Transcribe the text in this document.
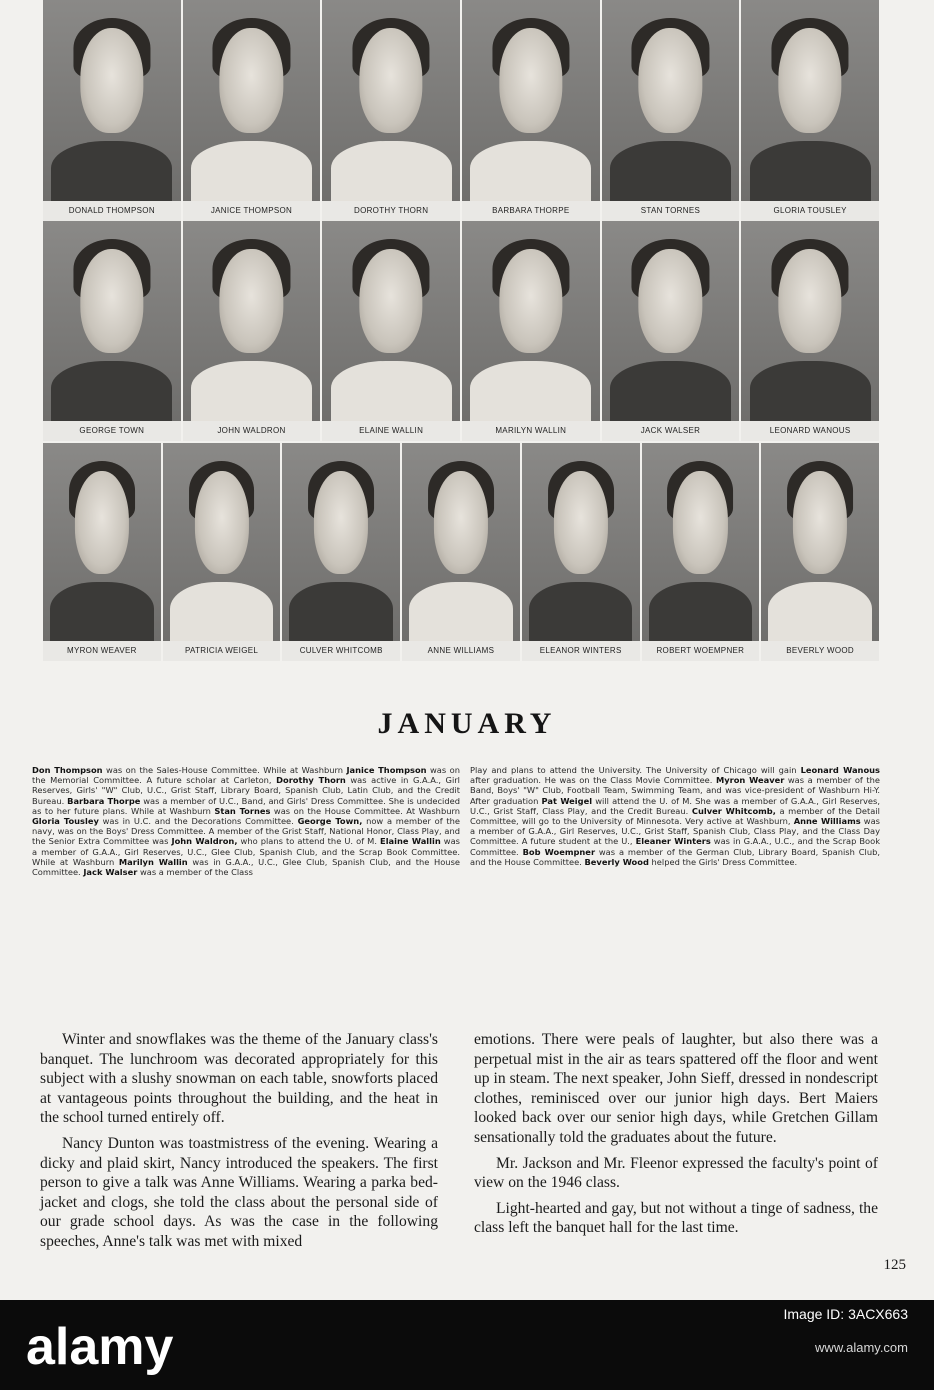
DONALD THOMPSON	JANICE THOMPSON	DOROTHY THORN	BARBARA THORPE	STAN TORNES	GLORIA TOUSLEY
GEORGE TOWN	JOHN WALDRON	ELAINE WALLIN	MARILYN WALLIN	JACK WALSER	LEONARD WANOUS
MYRON WEAVER	PATRICIA WEIGEL	CULVER WHITCOMB	ANNE WILLIAMS	ELEANOR WINTERS	ROBERT WOEMPNER	BEVERLY WOOD
JANUARY
Don Thompson was on the Sales-House Committee. While at Washburn Janice Thompson was on the Memorial Committee. A future scholar at Carleton, Dorothy Thorn was active in G.A.A., Girl Reserves, Girls' "W" Club, U.C., Grist Staff, Library Board, Spanish Club, Latin Club, and the Credit Bureau. Barbara Thorpe was a member of U.C., Band, and Girls' Dress Committee. She is undecided as to her future plans. While at Washburn Stan Tornes was on the House Committee. At Washburn Gloria Tousley was in U.C. and the Decorations Committee. George Town, now a member of the navy, was on the Boys' Dress Committee. A member of the Grist Staff, National Honor, Class Play, and the Senior Extra Committee was John Waldron, who plans to attend the U. of M. Elaine Wallin was a member of G.A.A., Girl Reserves, U.C., Glee Club, Spanish Club, and the Scrap Book Committee. While at Washburn Marilyn Wallin was in G.A.A., U.C., Glee Club, Spanish Club, and the House Committee. Jack Walser was a member of the Class
Play and plans to attend the University. The University of Chicago will gain Leonard Wanous after graduation. He was on the Class Movie Committee. Myron Weaver was a member of the Band, Boys' "W" Club, Football Team, Swimming Team, and was vice-president of Washburn Hi-Y. After graduation Pat Weigel will attend the U. of M. She was a member of G.A.A., Girl Reserves, U.C., Grist Staff, Class Play, and the Credit Bureau. Culver Whitcomb, a member of the Detail Committee, will go to the University of Minnesota. Very active at Washburn, Anne Williams was a member of G.A.A., Girl Reserves, U.C., Grist Staff, Spanish Club, Class Play, and the Class Day Committee. A future student at the U., Eleaner Winters was in G.A.A., U.C., and the Scrap Book Committee. Bob Woempner was a member of the German Club, Library Board, Spanish Club, and the House Committee. Beverly Wood helped the Girls' Dress Committee.

Winter and snowflakes was the theme of the January class's banquet. The lunchroom was decorated appropriately for this subject with a slushy snowman on each table, snowforts placed at vantageous points throughout the building, and the heat in the school turned entirely off.

Nancy Dunton was toastmistress of the evening. Wearing a dicky and plaid skirt, Nancy introduced the speakers. The first person to give a talk was Anne Williams. Wearing a parka bed-jacket and clogs, she told the class about the personal side of our grade school days. As was the case in the following speeches, Anne's talk was met with mixed

emotions. There were peals of laughter, but also there was a perpetual mist in the air as tears spattered off the floor and went up in steam. The next speaker, John Sieff, dressed in nondescript clothes, reminisced over our junior high days. Bert Maiers looked back over our senior high days, while Gretchen Gillam sensationally told the graduates about the future.

Mr. Jackson and Mr. Fleenor expressed the faculty's point of view on the 1946 class.

Light-hearted and gay, but not without a tinge of sadness, the class left the banquet hall for the last time.

125
alamy
Image ID: 3ACX663
www.alamy.com
